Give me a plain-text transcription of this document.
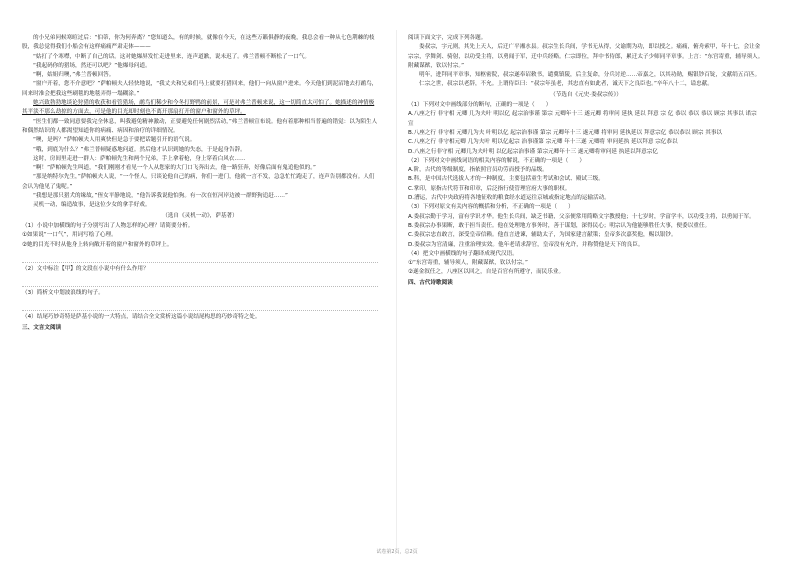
的小兄弟问候寒暄过后：“伯蒂，你为何奔离？”您知道么，有的时候，就像在今天，在这些万籁俱静的夜晚，我总会看一种从七色荆棘的枝股，我总觉得我们小船会有这样痛痛严肃走体———

“姑打了个寒噤，中断了自己的话。这对她爆屏发忙走进里来，连声道歉，说未迟了。弗兰普顿不断松了一口气。

“我起码你的猎场，然还可以吧？”他爆母问道。

“啊，姑姐归噢，”弗兰普顿回答。

“窗户开着，您不介意吧？”萨帕顿夫人轻快地说，“我丈夫和兄弟们马上就要打猎回来，他们一向从窗户进来。今天他们到泥沼地去打鹬鸟，回来时准会把我这些刷毯的地毯弄得一塌糊涂。”

她兴致勃勃地谈论狩猎的收获和看管猎场，鹬鸟们稀少和今冬打野鸭的前景，可是对弗兰普顿来说，这一切简直太可怕了。她描述的神情极其平淡不那么劫掠的方面去，可是他的目光却时刻也不离开那扇打开的窗户和窗外的草坪。

“医生们都一致同意要我完全休息，叫我避免精神激动，正要避免任何剧烈活动，”弗兰普顿宣布说。他有着那种相当普遍的错觉：以为陌生人和偶然结识的人都渴望知道你的病痛、病因和治疗的详细情况。

“噢，是吗？”萨帕顿夫人用爽快但是急于要把话题引开的语气说。

“哦，到底为什么？”弗兰普顿疑惑地问道。然后他才认识到她的失态，于是起身告辞。

这时，房间里走进一群人：萨帕顿先生和两个兄弟，手上拿着枪，身上穿着白风衣……

“啊！”萨帕顿先生叫道，“我们刚刚才看见一个人从您家的大门口飞奔出去，他一路狂奔，好像后面有鬼追他似的。”

“那是纳特尔先生，”萨帕顿夫人说，“一个怪人，只谈论他自己的病，你们一进门，他就一言不发，急急忙忙跑走了，连声告别都没有。人们会认为他见了鬼呢。”

“我想是那只猎犬的缘故，”侄女平静地说，“他告诉我说他怕狗。有一次在恒河岸边被一群野狗追赶……”

灵机一动，编造故事，是这位少女的拿手好戏。

（选自《灵机一动》，萨基著）

（1）小说中加横线的句子分别写出了人物怎样的心理？请简要分析。

①如果说“一口气”，用词写绘了心理。

②她的目光不时从他身上转向敞开着的窗户和窗外的草坪上。

（2）文中标注【甲】的文段在小说中有什么作用？

（3）简析文中划波浪线的句子。

（4）结尾巧妙奇特是萨基小说的一大特点，请结合全文赏析这篇小说结尾构思的巧妙奇特之处。

三、文言文阅读

阅读下面文字，完成下列各题。

娄叔宗，字元则，其先上天人，后迁广平湘水县。叔宗生长兵间，学书无从得，父谕期为功，即以授之。痛痛，俯舟索甲，年十七，会让金宗宗，学舞剑、骑射，以功受主将，以勇闻于军，迁中兵经略。仁宗即位，拜中书侍郎，累迁太子少师同平章事。上言：“东宫寄重，辅导须人。附藏谋猷，钦以付宗。”

明年，进拜同平章事，知枢密院，叔宗遂奉诏敕书，谴冀镇陵，后主复命，分兵讨逆……帝嘉之，以其功勋，赐银钞百锭，文献绢五百匹。

仁宗之世，叔宗以老辞，不允。上谓侍臣曰：“叔宗年虽老，其忠直有如此者，诚天下之良臣也。”卒年八十二，谥忠献。

（节选自《元史·娄叔宗传》）

（1）下列对文中画线部分的断句，正确的一项是（　　）

A.八座之行 非守相 元卿 几为夫叶 明以亿 起宗治事谨 第宗 元卿年十三 遂元卿 将审问 延执 延以 拜意 宗 亿 恭以 恭以 恭以 顾宗 其事以 诺宗 宣

B.八座之行 非守相 元卿几为夫 叶明以亿 起宗治事谨 第宗 元卿年十三 遂元卿 将审问 延执延以 拜意宗亿 恭以恭以 顾宗 其事以

C.八座之行 非守相元卿 几为夫叶 明以亿起宗 治事谨第 宗元卿 年十三遂 元卿将 审问延执 延以拜意 宗亿恭以

D.八座之行非守相 元卿几为夫叶明 以亿起宗治事谨 第宗元卿年十三 遂元卿将审问延 执延以拜意宗亿

（2）下列对文中画线词语的相关内容的解说，不正确的一项是（　　）

A.阶，古代的等级制度，指依照官员功劳而授予的品级。

B.科，是中国古代选拔人才的一种制度，主要包括童生考试和会试、殿试三级。

C.掌印，原指古代符节和印章，后泛指行使管理官府大事的职权。

D.漕运，古代中央政府将各地征收的粮食经水道运往京城或指定地点的运输活动。

（3）下列对原文有关内容的概括和分析，不正确的一项是（　　）

A.娄叔宗勤于学习，富有学识才华。他生长兵间，缺乏书籍，父亲便常用简略文字教授他；十七岁时，学富学丰，以功受主将，以勇闻于军。

B.娄叔宗办事果断，敢于担当责任。他在处理地方事务时，善于谋划，深得民心；明宗认为他能够胜任大事，便委以重任。

C.娄叔宗忠直敢言，深受皇帝信赖。他直言进谏，辅助太子，为国家建言献策；皇帝多次嘉奖他，赐以银钞。

D.娄叔宗为官清廉，注重治理实效。他年老请求辞官，皇帝没有允许，并称赞他是天下的良臣。

（4）把文中画横线的句子翻译成现代汉语。

①“东宫寄重，辅导须人，附藏谋猷，钦以付宗。”

②遂金叙任之，八座区以回之，自是百官有所遵守，而民乐业。

四、古代诗歌阅读

试卷第2页，总2页
